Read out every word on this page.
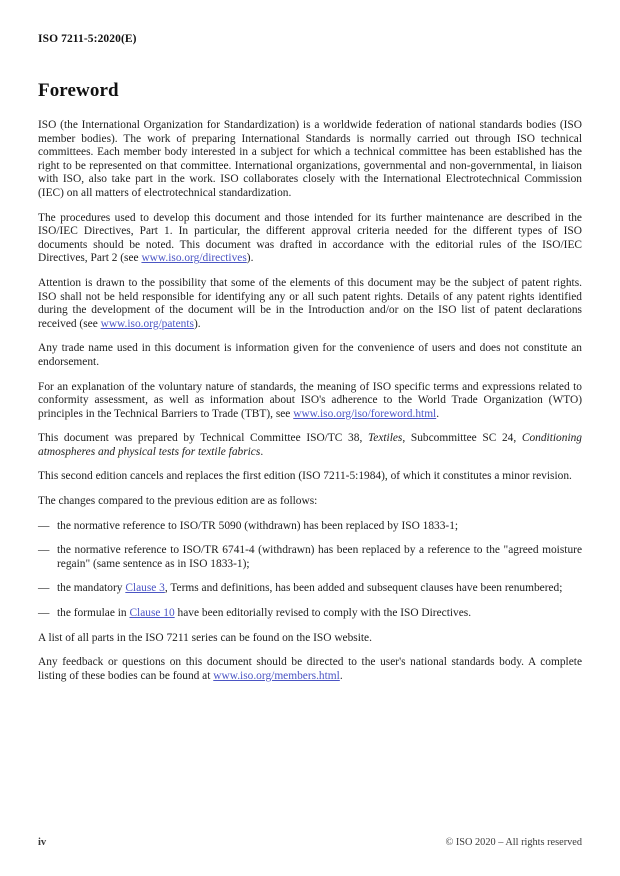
ISO 7211-5:2020(E)
Foreword

ISO (the International Organization for Standardization) is a worldwide federation of national standards bodies (ISO member bodies). The work of preparing International Standards is normally carried out through ISO technical committees. Each member body interested in a subject for which a technical committee has been established has the right to be represented on that committee. International organizations, governmental and non-governmental, in liaison with ISO, also take part in the work. ISO collaborates closely with the International Electrotechnical Commission (IEC) on all matters of electrotechnical standardization.

The procedures used to develop this document and those intended for its further maintenance are described in the ISO/IEC Directives, Part 1. In particular, the different approval criteria needed for the different types of ISO documents should be noted. This document was drafted in accordance with the editorial rules of the ISO/IEC Directives, Part 2 (see www.iso.org/directives).

Attention is drawn to the possibility that some of the elements of this document may be the subject of patent rights. ISO shall not be held responsible for identifying any or all such patent rights. Details of any patent rights identified during the development of the document will be in the Introduction and/or on the ISO list of patent declarations received (see www.iso.org/patents).

Any trade name used in this document is information given for the convenience of users and does not constitute an endorsement.

For an explanation of the voluntary nature of standards, the meaning of ISO specific terms and expressions related to conformity assessment, as well as information about ISO's adherence to the World Trade Organization (WTO) principles in the Technical Barriers to Trade (TBT), see www.iso.org/iso/foreword.html.

This document was prepared by Technical Committee ISO/TC 38, Textiles, Subcommittee SC 24, Conditioning atmospheres and physical tests for textile fabrics.

This second edition cancels and replaces the first edition (ISO 7211-5:1984), of which it constitutes a minor revision.

The changes compared to the previous edition are as follows:

— the normative reference to ISO/TR 5090 (withdrawn) has been replaced by ISO 1833-1;
— the normative reference to ISO/TR 6741-4 (withdrawn) has been replaced by a reference to the "agreed moisture regain" (same sentence as in ISO 1833-1);
— the mandatory Clause 3, Terms and definitions, has been added and subsequent clauses have been renumbered;
— the formulae in Clause 10 have been editorially revised to comply with the ISO Directives.

A list of all parts in the ISO 7211 series can be found on the ISO website.

Any feedback or questions on this document should be directed to the user's national standards body. A complete listing of these bodies can be found at www.iso.org/members.html.

iv	© ISO 2020 – All rights reserved
